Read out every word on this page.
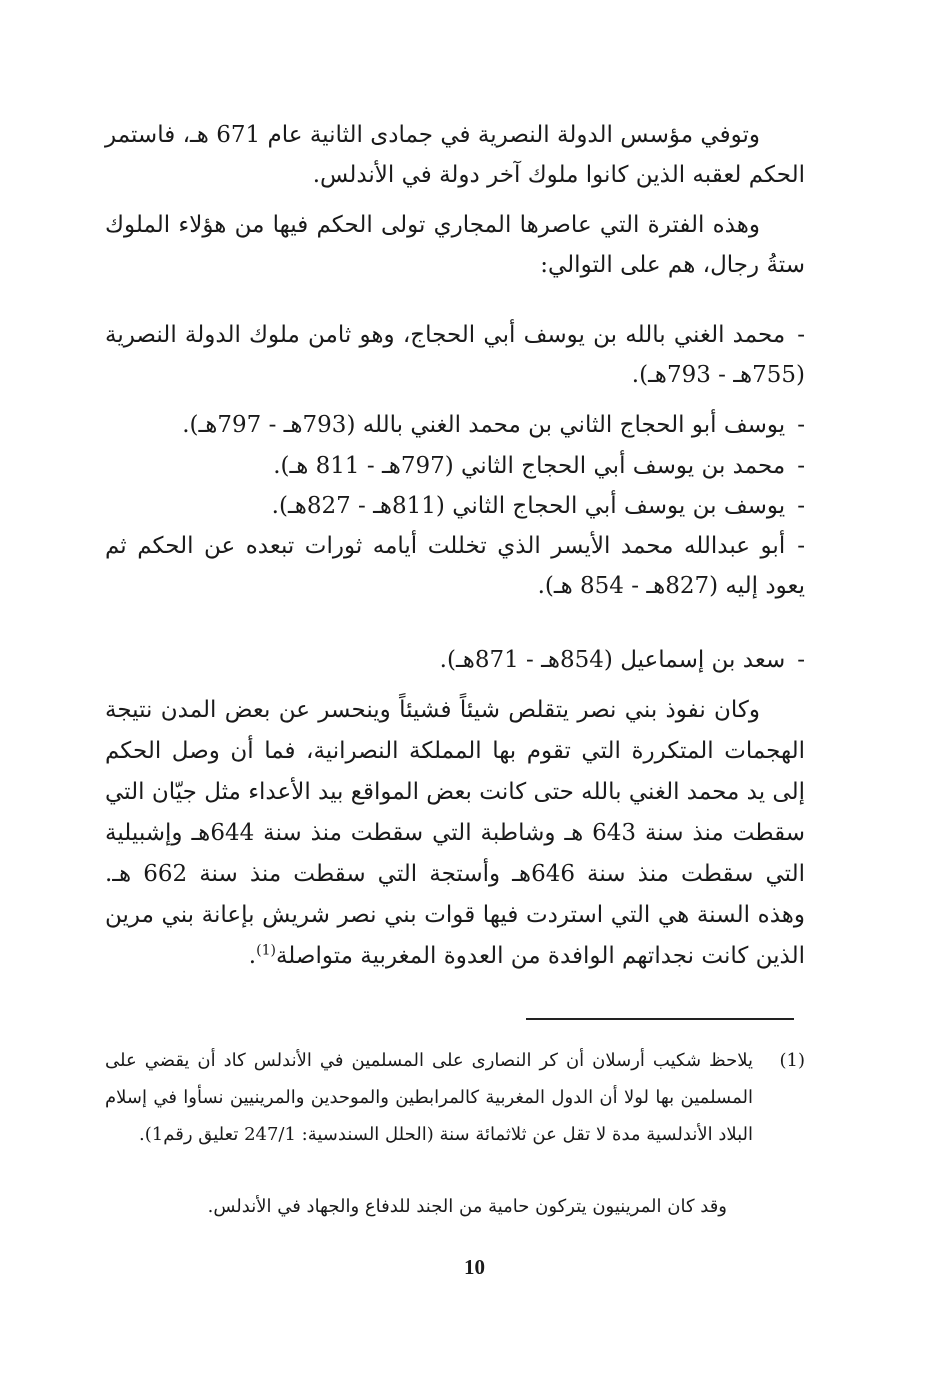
وتوفي مؤسس الدولة النصرية في جمادى الثانية عام 671 هـ، فاستمر الحكم لعقبه الذين كانوا ملوك آخر دولة في الأندلس.
وهذه الفترة التي عاصرها المجاري تولى الحكم فيها من هؤلاء الملوك ستةُ رجال، هم على التوالي:
-محمد الغني بالله بن يوسف أبي الحجاج، وهو ثامن ملوك الدولة النصرية (755هـ - 793هـ).
-يوسف أبو الحجاج الثاني بن محمد الغني بالله (793هـ - 797هـ).
-محمد بن يوسف أبي الحجاج الثاني (797هـ - 811 هـ).
-يوسف بن يوسف أبي الحجاج الثاني (811هـ - 827هـ).
-أبو عبدالله محمد الأيسر الذي تخللت أيامه ثورات تبعده عن الحكم ثم يعود إليه (827هـ - 854 هـ).
-سعد بن إسماعيل (854هـ - 871هـ).
وكان نفوذ بني نصر يتقلص شيئاً فشيئاً وينحسر عن بعض المدن نتيجة الهجمات المتكررة التي تقوم بها المملكة النصرانية، فما أن وصل الحكم إلى يد محمد الغني بالله حتى كانت بعض المواقع بيد الأعداء مثل جيّان التي سقطت منذ سنة 643 هـ وشاطبة التي سقطت منذ سنة 644هـ وإشبيلية التي سقطت منذ سنة 646هـ وأستجة التي سقطت منذ سنة 662 هـ. وهذه السنة هي التي استردت فيها قوات بني نصر شريش بإعانة بني مرين الذين كانت نجداتهم الوافدة من العدوة المغربية متواصلة$^{(1)}$.
(1)
يلاحظ شكيب أرسلان أن كر النصارى على المسلمين في الأندلس كاد أن يقضي على المسلمين بها لولا أن الدول المغربية كالمرابطين والموحدين والمرينيين نسأوا في إسلام البلاد الأندلسية مدة لا تقل عن ثلاثمائة سنة (الحلل السندسية: 247/1 تعليق رقم1).
وقد كان المرينيون يتركون حامية من الجند للدفاع والجهاد في الأندلس.
10
